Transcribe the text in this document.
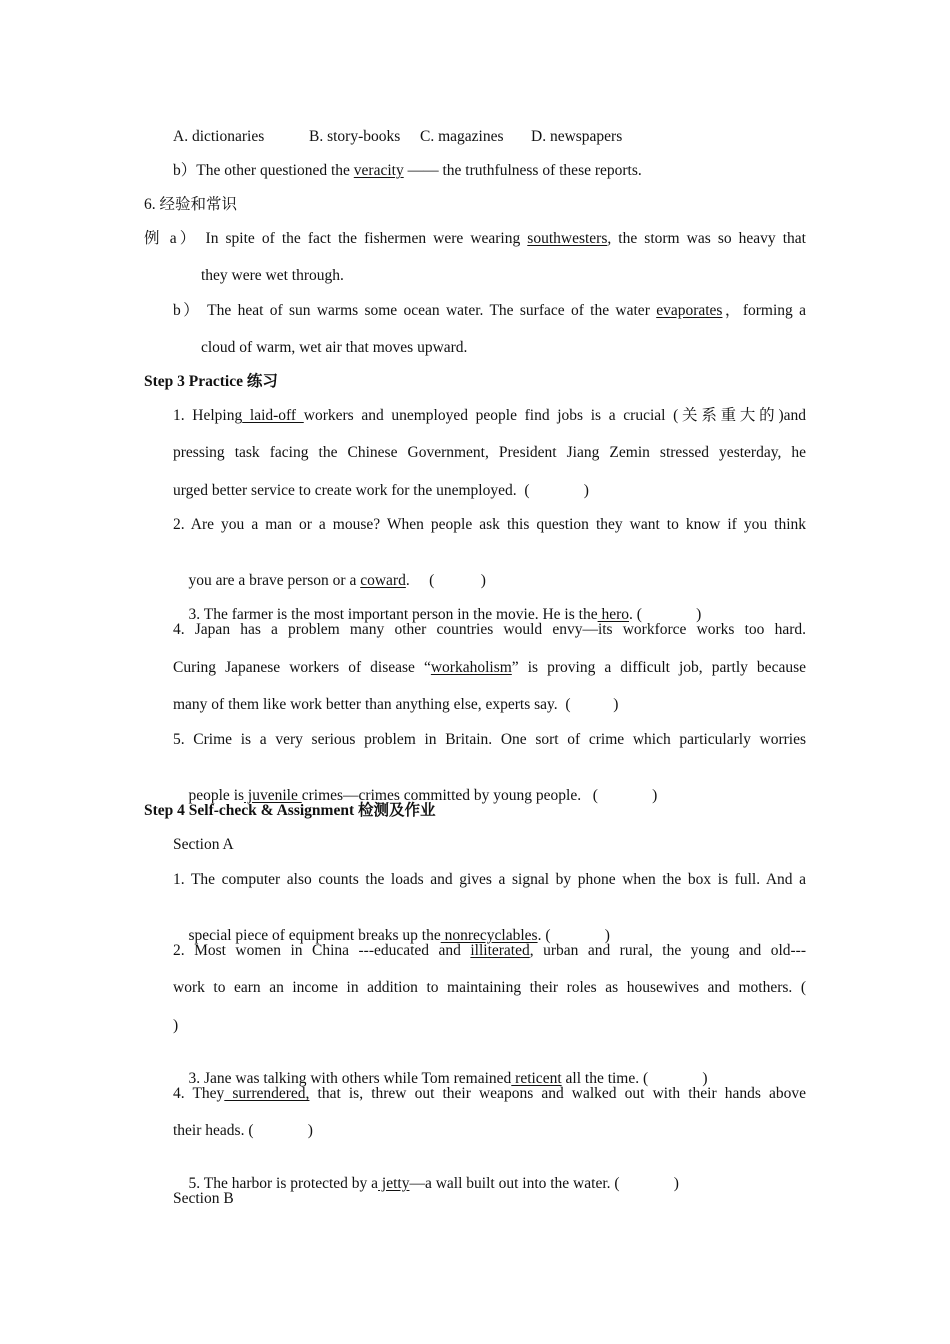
A. dictionaries	B. story-books C. magazines D. newspapers
b）The other questioned the veracity —— the truthfulness of these reports.
6. 经验和常识
例 a） In spite of the fact the fishermen were wearing southwesters, the storm was so heavy that
they were wet through.
b） The heat of sun warms some ocean water. The surface of the water evaporates，forming a
cloud of warm, wet air that moves upward.
Step 3 Practice 练习
1. Helping laid-off workers and unemployed people find jobs is a crucial (关系重大的)and
pressing task facing the Chinese Government, President Jiang Zemin stressed yesterday, he
urged better service to create work for the unemployed.  (              )
2. Are you a man or a mouse? When people ask this question they want to know if you think

you are a brave person or a coward.     (            )

3. The farmer is the most important person in the movie. He is the hero. (              )

4. Japan has a problem many other countries would envy—its workforce works too hard.
Curing Japanese workers of disease “workaholism” is proving a difficult job, partly because
many of them like work better than anything else, experts say.  (           )
5. Crime is a very serious problem in Britain. One sort of crime which particularly worries

people is juvenile crimes—crimes committed by young people.   (              )

Step 4 Self-check & Assignment 检测及作业
Section A
1. The computer also counts the loads and gives a signal by phone when the box is full. And a

special piece of equipment breaks up the nonrecyclables. (              )

2. Most women in China ---educated and illiterated, urban and rural, the young and old---
work to earn an income in addition to maintaining their roles as housewives and mothers. (
)

3. Jane was talking with others while Tom remained reticent all the time. (              )

4. They surrendered, that is, threw out their weapons and walked out with their hands above
their heads. (              )

5. The harbor is protected by a jetty—a wall built out into the water. (              )

Section B
